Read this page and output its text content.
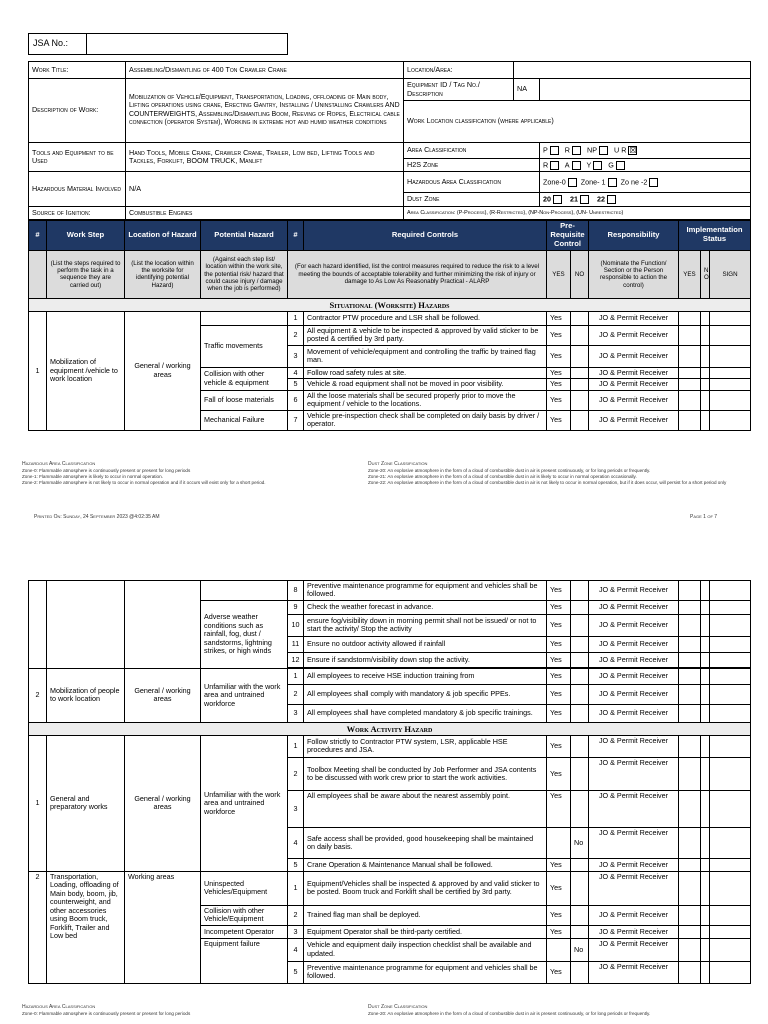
JSA No.:
Work Title:	Assembling/Dismantling of 400 Ton Crawler Crane	Location/Area:		
Description of Work:	Mobilization of Vehicle/Equipment, Transportation, Loading, offloading of Main body, Lifting operations using crane, Erecting Gantry, Installing / Uninstalling Crawlers AND COUNTERWEIGHTS, Assembling/Dismantling Boom, Reeving of Ropes, Electrical cable connection (operator System), Working in extreme hot and humid weather conditions	Equipment ID / Tag No./ Description	NA	
		Work Location classification (where applicable)		
Tools and Equipment to be Used	Hand Tools, Mobile Crane, Crawler Crane, Trailer, Low bed, Lifting Tools and Tackles, Forklift, BOOM TRUCK, Manlift	Area Classification		P R NP U R ☒
		H2S Zone		R A Y G
Hazardous Material Involved	N/A	Hazardous Area Classification		Zone-0 Zone- 1 Zo ne -2
		Dust Zone		20 21 22
Source of Ignition:	Combustible Engines	Area Classification: (P-Process), (R-Restricted), (NP-Non-Process), (UN- Unrestricted)		
#	Work Step	Location of Hazard	Potential Hazard	#	Required Controls	Pre-Requisite Control		Responsibility	Implementation Status		
	(List the steps required to perform the task in a sequence they are carried out)	(List the location within the worksite for identifying potential Hazard)	(Against each step list/ location within the work site, the potential risk/ hazard that could cause injury / damage when the job is performed)	(For each hazard identified, list the control measures required to reduce the risk to a level meeting the bounds of acceptable tolerability and further minimizing the risk of injury or damage to As Low As Reasonably Practical - ALARP		YES	NO	(Nominate the Function/ Section or the Person responsible to action the control)	YES	N O	SIGN
Situational (Worksite) Hazards											
1	Mobilization of equipment /vehicle to work location	General / working areas		1	Contractor PTW procedure and LSR shall be followed.	Yes		JO & Permit Receiver			
			Traffic movements	2	All equipment & vehicle to be inspected & approved by valid sticker to be posted & certified by 3rd party.	Yes		JO & Permit Receiver			
				3	Movement of vehicle/equipment and controlling the traffic by trained flag man.	Yes		JO & Permit Receiver			
			Collision with other vehicle & equipment	4	Follow road safety rules at site.	Yes		JO & Permit Receiver			
				5	Vehicle & road equipment shall not be moved in poor visibility.	Yes		JO & Permit Receiver			
			Fall of loose materials	6	All the loose materials shall be secured properly prior to move the equipment / vehicle to the locations.	Yes		JO & Permit Receiver			
			Mechanical Failure	7	Vehicle pre-inspection check shall be completed on daily basis by driver / operator.	Yes		JO & Permit Receiver			
Hazardous Area Classification
Zone-0: Flammable atmosphere is continuously present or present for long periods
Zone-1: Flammable atmosphere is likely to occur in normal operation.
Zone-2: Flammable atmosphere is not likely to occur in normal operation and if it occurs will exist only for a short period.
Dust Zone Classification
Zone-20: An explosive atmosphere in the form of a cloud of combustible dust in air is present continuously, or for long periods or frequently.
Zone-21: An explosive atmosphere in the form of a cloud of combustible dust in air is likely to occur in normal operation occasionally.
Zone-22: An explosive atmosphere in the form of a cloud of combustible dust in air is not likely to occur in normal operation, but if it does occur, will persist for a short period only
Printed On: Sunday, 24 September 2023 @4:02:35 AM	Page 1 of 7
				8	Preventive maintenance programme for equipment and vehicles shall be followed.	Yes		JO & Permit Receiver			
			Adverse weather conditions such as rainfall, fog, dust / sandstorms, lightning strikes, or high winds	9	Check the weather forecast in advance.	Yes		JO & Permit Receiver			
				10	ensure fog/visibility down in morning permit shall not be issued/ or not to start the activity/ Stop the activity	Yes		JO & Permit Receiver			
				11	Ensure no outdoor activity allowed if rainfall	Yes		JO & Permit Receiver			
				12	Ensure if sandstorm/visibility down stop the activity.	Yes		JO & Permit Receiver			

2	Mobilization of people to work location	General / working areas	Unfamiliar with the work area and untrained workforce	1	All employees to receive HSE induction training from	Yes		JO & Permit Receiver			
				2	All employees shall comply with mandatory & job specific PPEs.	Yes		JO & Permit Receiver			
				3	All employees shall have completed mandatory & job specific trainings.	Yes		JO & Permit Receiver			
Work Activity Hazard											
1	General and preparatory works	General / working areas	Unfamiliar with the work area and untrained workforce	1	Follow strictly to Contractor PTW system, LSR, applicable HSE procedures and JSA.	Yes		JO & Permit Receiver			
				2	Toolbox Meeting shall be conducted by Job Performer and JSA contents to be discussed with work crew prior to start the work activities.	Yes		JO & Permit Receiver			
				3	All employees shall be aware about the nearest assembly point.	Yes		JO & Permit Receiver			
				4	Safe access shall be provided, good housekeeping shall be maintained on daily basis.		No	JO & Permit Receiver			
				5	Crane Operation & Maintenance Manual shall be followed.	Yes		JO & Permit Receiver			
2	Transportation, Loading, offloading of Main body, boom, jib, counterweight, and other accessories using Boom truck, Forklift, Trailer and Low bed	Working areas	Uninspected Vehicles/Equipment	1	Equipment/Vehicles shall be inspected & approved by and valid sticker to be posted. Boom truck and Forklift shall be certified by 3rd party.	Yes		JO & Permit Receiver			
			Collision with other Vehicle/Equipment	2	Trained flag man shall be deployed.	Yes		JO & Permit Receiver			
			Incompetent Operator	3	Equipment Operator shall be third-party certified.	Yes		JO & Permit Receiver			
			Equipment failure	4	Vehicle and equipment daily inspection checklist shall be available and updated.		No	JO & Permit Receiver			
				5	Preventive maintenance programme for equipment and vehicles shall be followed.	Yes		JO & Permit Receiver			
Hazardous Area Classification
Zone-0: Flammable atmosphere is continuously present or present for long periods
Dust Zone Classification
Zone-20: An explosive atmosphere in the form of a cloud of combustible dust in air is present continuously, or for long periods or frequently.
